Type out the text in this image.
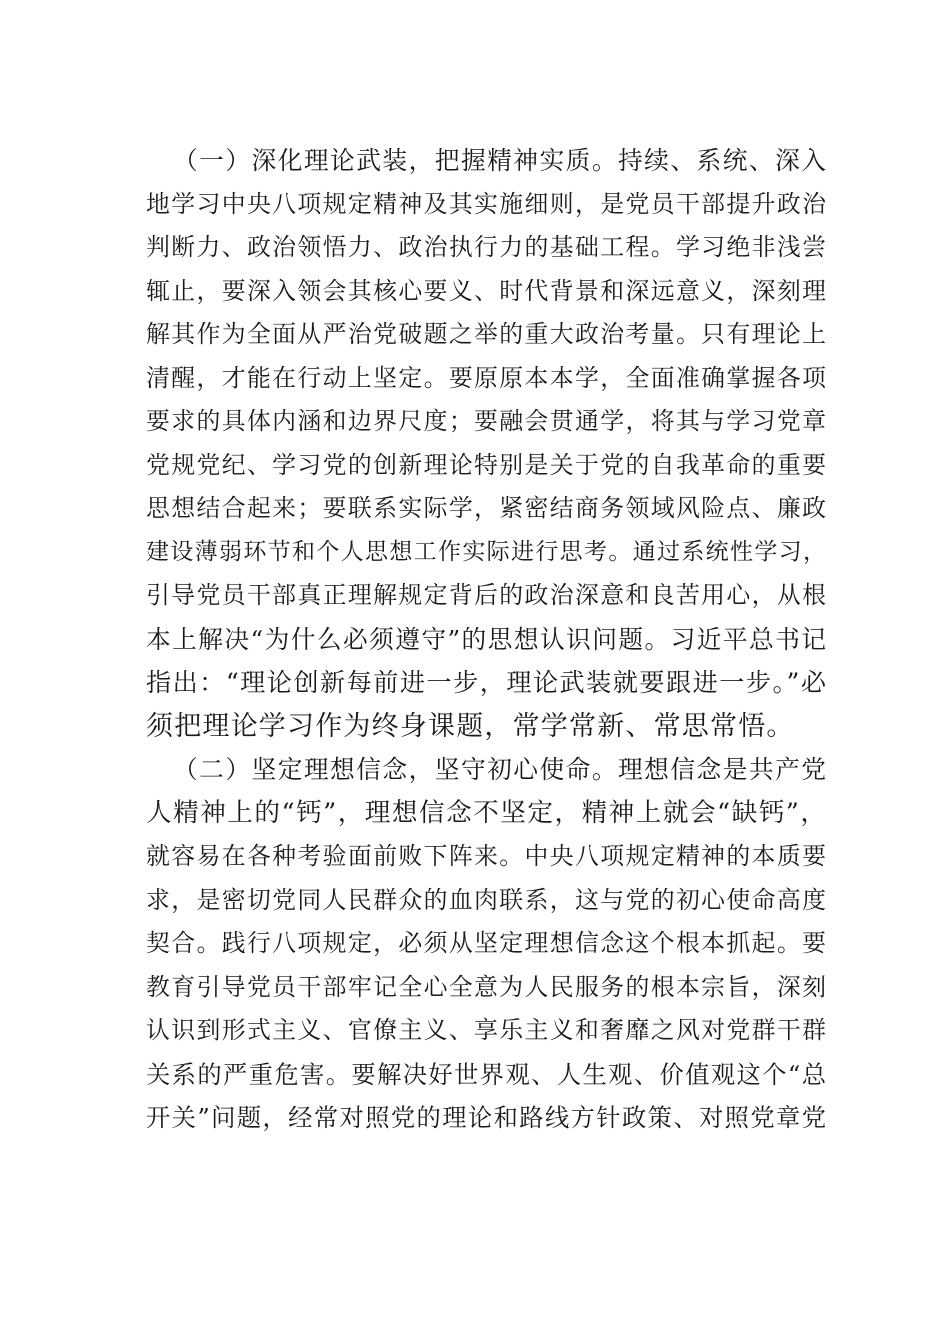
（一）深化理论武装，把握精神实质。持续、系统、深入
地学习中央八项规定精神及其实施细则，是党员干部提升政治
判断力、政治领悟力、政治执行力的基础工程。学习绝非浅尝
辄止，要深入领会其核心要义、时代背景和深远意义，深刻理
解其作为全面从严治党破题之举的重大政治考量。只有理论上
清醒，才能在行动上坚定。要原原本本学，全面准确掌握各项
要求的具体内涵和边界尺度；要融会贯通学，将其与学习党章
党规党纪、学习党的创新理论特别是关于党的自我革命的重要
思想结合起来；要联系实际学，紧密结商务领域风险点、廉政
建设薄弱环节和个人思想工作实际进行思考。通过系统性学习，
引导党员干部真正理解规定背后的政治深意和良苦用心，从根
本上解决“为什么必须遵守”的思想认识问题。习近平总书记
指出：“理论创新每前进一步，理论武装就要跟进一步。”必
须把理论学习作为终身课题，常学常新、常思常悟。
（二）坚定理想信念，坚守初心使命。理想信念是共产党
人精神上的“钙”，理想信念不坚定，精神上就会“缺钙”，
就容易在各种考验面前败下阵来。中央八项规定精神的本质要
求，是密切党同人民群众的血肉联系，这与党的初心使命高度
契合。践行八项规定，必须从坚定理想信念这个根本抓起。要
教育引导党员干部牢记全心全意为人民服务的根本宗旨，深刻
认识到形式主义、官僚主义、享乐主义和奢靡之风对党群干群
关系的严重危害。要解决好世界观、人生观、价值观这个“总
开关”问题，经常对照党的理论和路线方针政策、对照党章党
